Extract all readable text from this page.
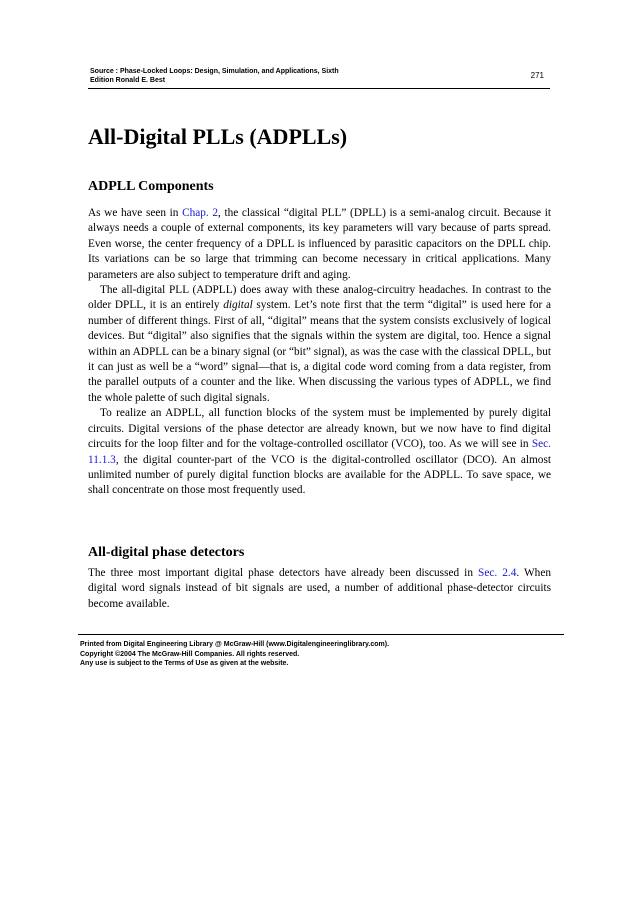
Source : Phase-Locked Loops: Design, Simulation, and Applications, Sixth
Edition Ronald E. Best
271
All-Digital PLLs (ADPLLs)
ADPLL Components

As we have seen in Chap. 2, the classical “digital PLL” (DPLL) is a semi-analog circuit. Because it always needs a couple of external components, its key parameters will vary because of parts spread. Even worse, the center frequency of a DPLL is influenced by parasitic capacitors on the DPLL chip. Its variations can be so large that trimming can become necessary in critical applications. Many parameters are also subject to temperature drift and aging.

The all-digital PLL (ADPLL) does away with these analog-circuitry headaches. In contrast to the older DPLL, it is an entirely digital system. Let’s note first that the term “digital” is used here for a number of different things. First of all, “digital” means that the system consists exclusively of logical devices. But “digital” also signifies that the signals within the system are digital, too. Hence a signal within an ADPLL can be a binary signal (or “bit” signal), as was the case with the classical DPLL, but it can just as well be a “word” signal—that is, a digital code word coming from a data register, from the parallel outputs of a counter and the like. When discussing the various types of ADPLL, we find the whole palette of such digital signals.

To realize an ADPLL, all function blocks of the system must be implemented by purely digital circuits. Digital versions of the phase detector are already known, but we now have to find digital circuits for the loop filter and for the voltage-controlled oscillator (VCO), too. As we will see in Sec. 11.1.3, the digital counter-part of the VCO is the digital-controlled oscillator (DCO). An almost unlimited number of purely digital function blocks are available for the ADPLL. To save space, we shall concentrate on those most frequently used.

All-digital phase detectors

The three most important digital phase detectors have already been discussed in Sec. 2.4. When digital word signals instead of bit signals are used, a number of additional phase-detector circuits become available.

Printed from Digital Engineering Library @ McGraw-Hill (www.Digitalengineeringlibrary.com).
Copyright ©2004 The McGraw-Hill Companies. All rights reserved.
Any use is subject to the Terms of Use as given at the website.
